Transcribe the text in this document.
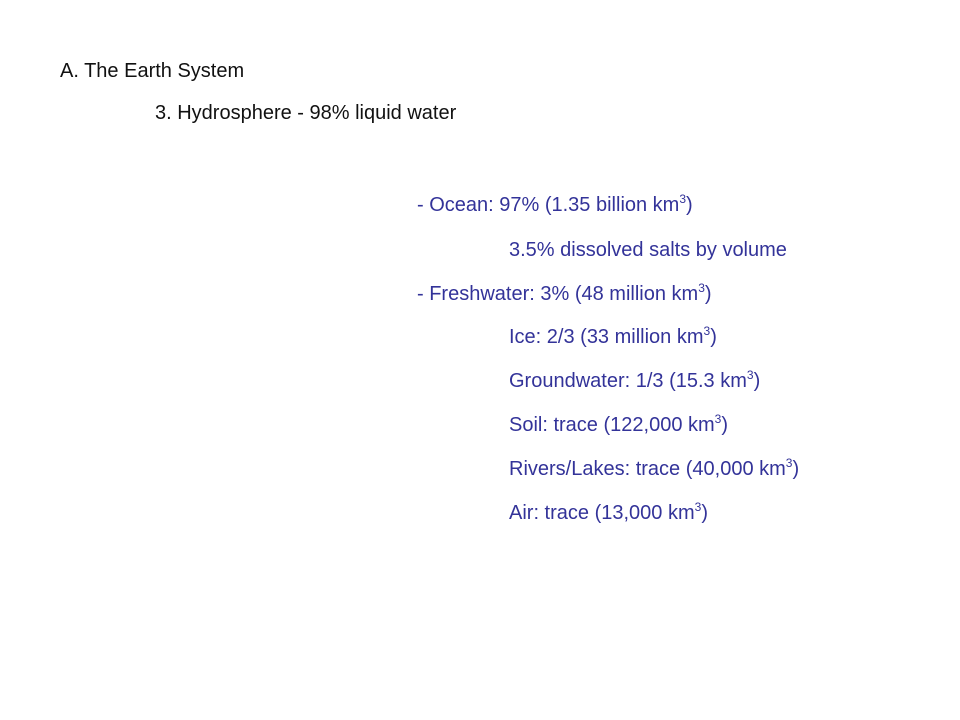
A. The Earth System
3. Hydrosphere - 98% liquid water
- Ocean: 97% (1.35 billion $km^3$)
3.5% dissolved salts by volume
- Freshwater: 3% (48 million $km^3$)
Ice: 2/3 (33 million $km^3$)
Groundwater: 1/3 (15.3 $km^3$)
Soil: trace (122,000 $km^3$)
Rivers/Lakes: trace (40,000 $km^3$)
Air: trace (13,000 $km^3$)
